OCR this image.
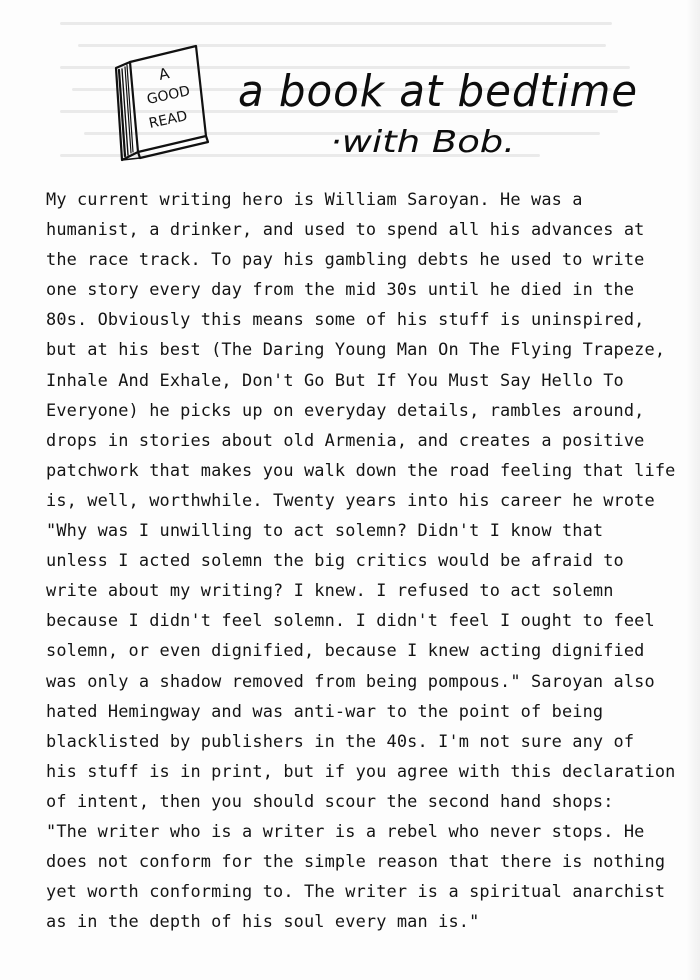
A
GOOD
READ
a book at bedtime
·with Bob.
My current writing hero is William Saroyan. He was a
humanist, a drinker, and used to spend all his advances at
the race track. To pay his gambling debts he used to write
one story every day from the mid 30s until he died in the
80s. Obviously this means some of his stuff is uninspired,
but at his best (The Daring Young Man On The Flying Trapeze,
Inhale And Exhale, Don't Go But If You Must Say Hello To
Everyone) he picks up on everyday details, rambles around,
drops in stories about old Armenia, and creates a positive
patchwork that makes you walk down the road feeling that life
is, well, worthwhile. Twenty years into his career he wrote
"Why was I unwilling to act solemn? Didn't I know that
unless I acted solemn the big critics would be afraid to
write about my writing? I knew. I refused to act solemn
because I didn't feel solemn. I didn't feel I ought to feel
solemn, or even dignified, because I knew acting dignified
was only a shadow removed from being pompous." Saroyan also
hated Hemingway and was anti-war to the point of being
blacklisted by publishers in the 40s. I'm not sure any of
his stuff is in print, but if you agree with this declaration
of intent, then you should scour the second hand shops:
"The writer who is a writer is a rebel who never stops. He
does not conform for the simple reason that there is nothing
yet worth conforming to. The writer is a spiritual anarchist
as in the depth of his soul every man is."
